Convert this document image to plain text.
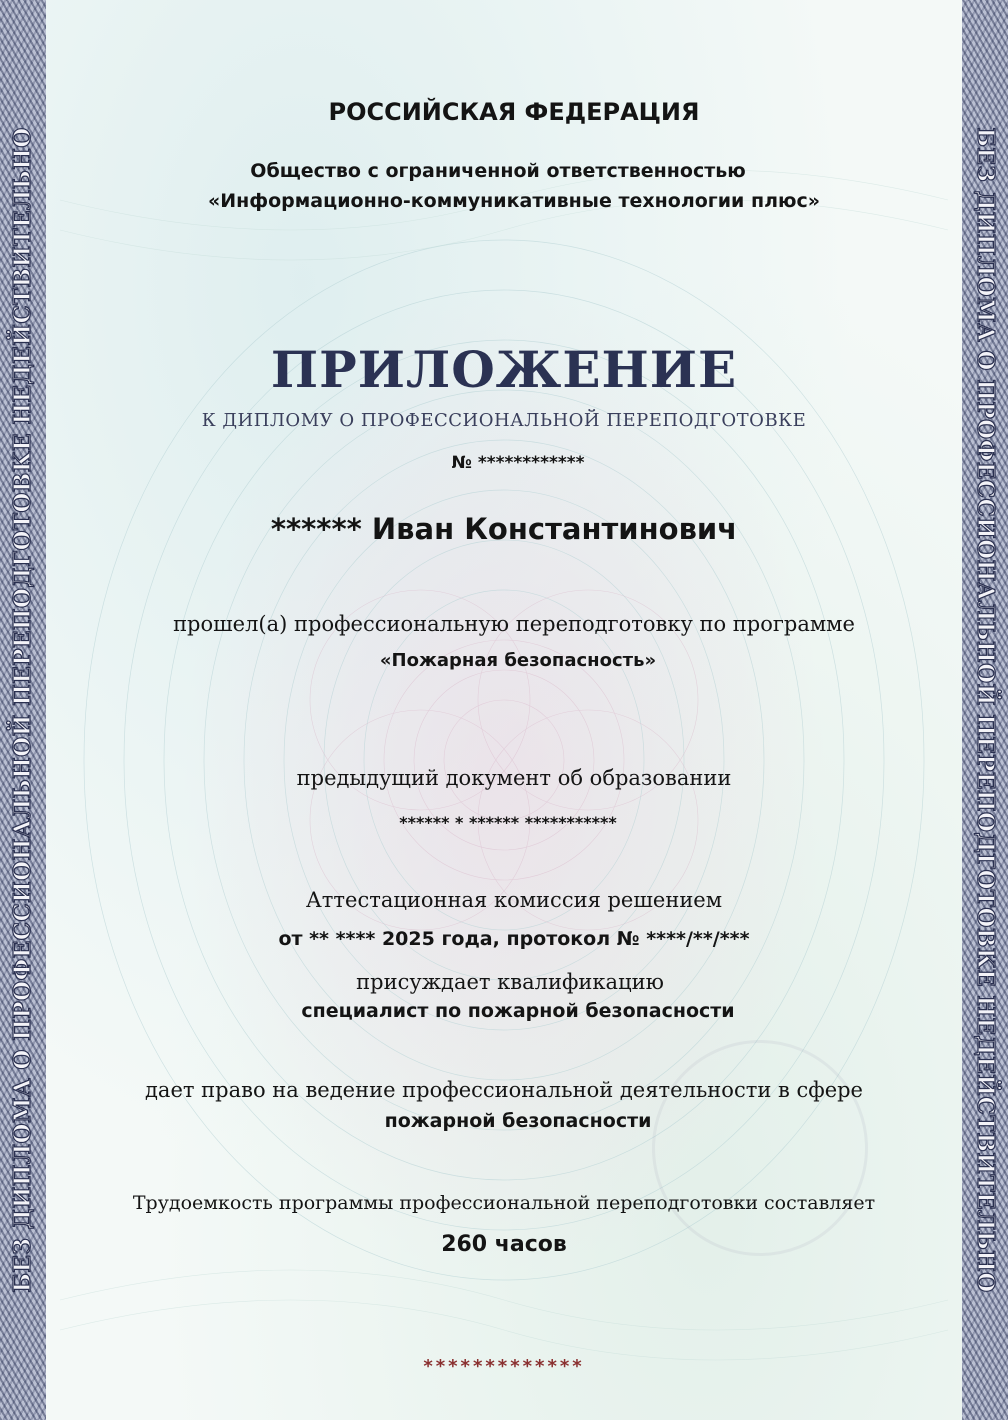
БЕЗ ДИПЛОМА О ПРОФЕССИОНАЛЬНОЙ ПЕРЕПОДГОТОВКЕ НЕДЕЙСТВИТЕЛЬНО	БЕЗ ДИПЛОМА О ПРОФЕССИОНАЛЬНОЙ ПЕРЕПОДГОТОВКЕ НЕДЕЙСТВИТЕЛЬНО
РОССИЙСКАЯ ФЕДЕРАЦИЯ
Общество с ограниченной ответственностью
«Информационно-коммуникативные технологии плюс»
ПРИЛОЖЕНИЕ
К ДИПЛОМУ О ПРОФЕССИОНАЛЬНОЙ ПЕРЕПОДГОТОВКЕ
№ ************
****** Иван Константинович
прошел(а) профессиональную переподготовку по программе
«Пожарная безопасность»
предыдущий документ об образовании
****** * ****** ***********
Аттестационная комиссия решением
от ** **** 2025 года, протокол № ****/**/***
присуждает квалификацию
специалист по пожарной безопасности
дает право на ведение профессиональной деятельности в сфере
пожарной безопасности
Трудоемкость программы профессиональной переподготовки составляет
260 часов
*************
